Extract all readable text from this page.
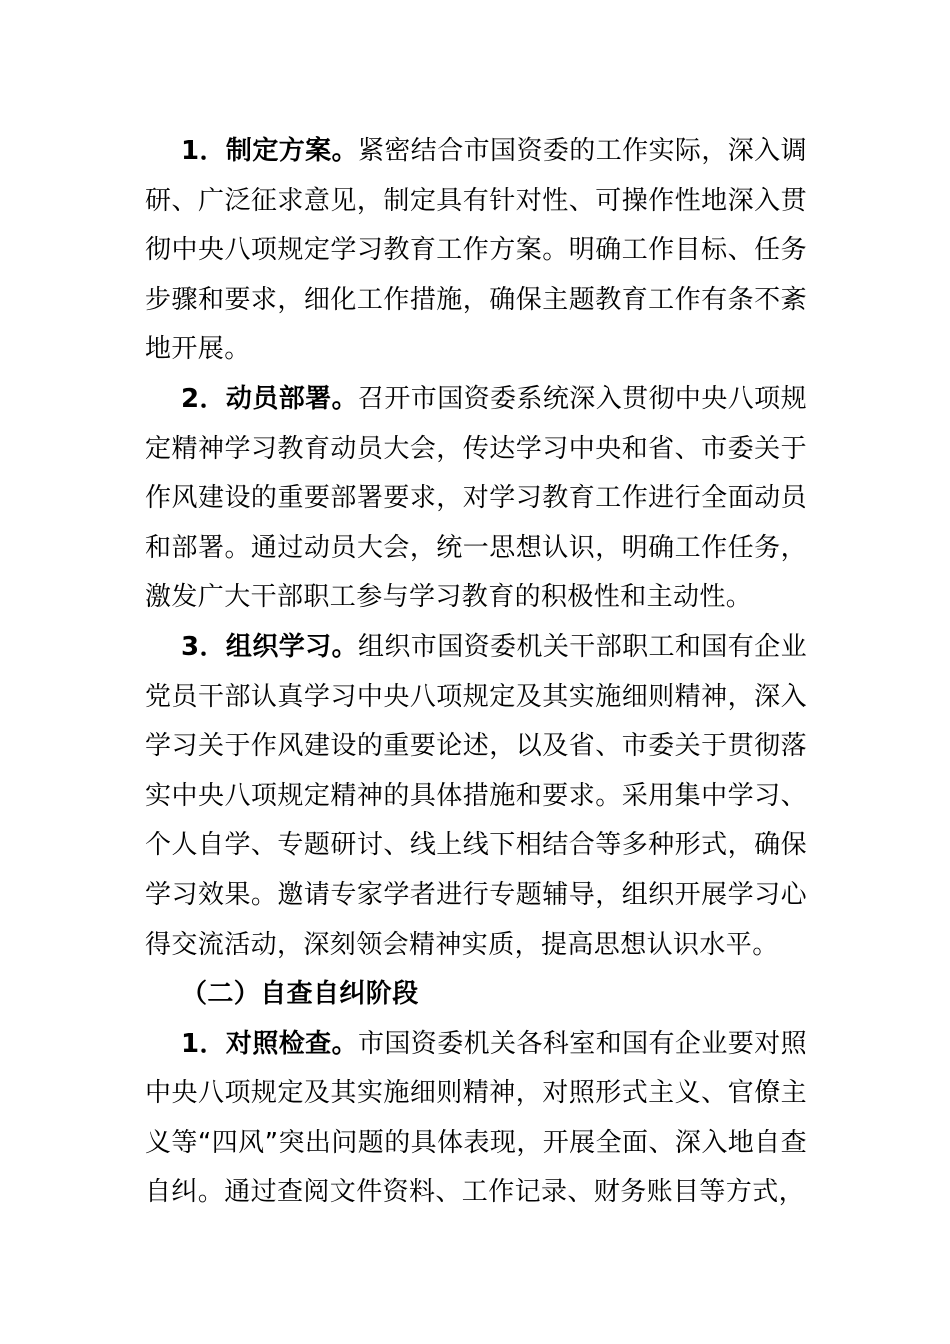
1．制定方案。紧密结合市国资委的工作实际，深入调研、广泛征求意见，制定具有针对性、可操作性地深入贯彻中央八项规定学习教育工作方案。明确工作目标、任务步骤和要求，细化工作措施，确保主题教育工作有条不紊地开展。

2．动员部署。召开市国资委系统深入贯彻中央八项规定精神学习教育动员大会，传达学习中央和省、市委关于作风建设的重要部署要求，对学习教育工作进行全面动员和部署。通过动员大会，统一思想认识，明确工作任务，激发广大干部职工参与学习教育的积极性和主动性。

3．组织学习。组织市国资委机关干部职工和国有企业党员干部认真学习中央八项规定及其实施细则精神，深入学习关于作风建设的重要论述，以及省、市委关于贯彻落实中央八项规定精神的具体措施和要求。采用集中学习、个人自学、专题研讨、线上线下相结合等多种形式，确保学习效果。邀请专家学者进行专题辅导，组织开展学习心得交流活动，深刻领会精神实质，提高思想认识水平。

（二）自查自纠阶段

1．对照检查。市国资委机关各科室和国有企业要对照中央八项规定及其实施细则精神，对照形式主义、官僚主义等“四风”突出问题的具体表现，开展全面、深入地自查自纠。通过查阅文件资料、工作记录、财务账目等方式，
